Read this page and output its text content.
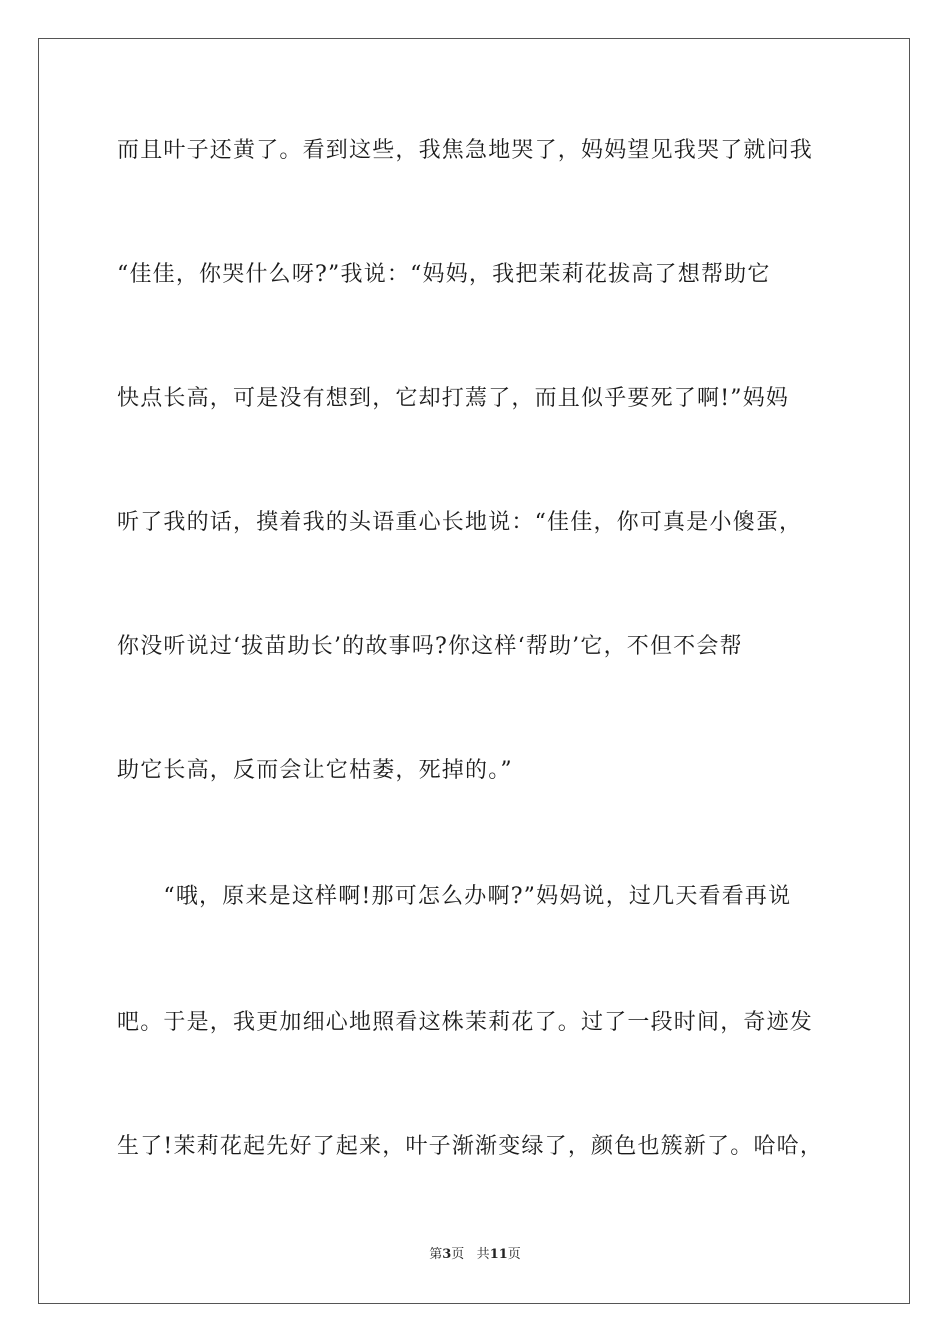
而且叶子还黄了。看到这些，我焦急地哭了，妈妈望见我哭了就问我
“佳佳，你哭什么呀?”我说：“妈妈，我把茉莉花拔高了想帮助它
快点长高，可是没有想到，它却打蔫了，而且似乎要死了啊!”妈妈
听了我的话，摸着我的头语重心长地说：“佳佳，你可真是小傻蛋，
你没听说过‘拔苗助长’的故事吗?你这样‘帮助’它，不但不会帮
助它长高，反而会让它枯萎，死掉的。”
　　“哦，原来是这样啊!那可怎么办啊?”妈妈说，过几天看看再说
吧。于是，我更加细心地照看这株茉莉花了。过了一段时间，奇迹发
生了!茉莉花起先好了起来，叶子渐渐变绿了，颜色也簇新了。哈哈，
第3页 共11页
